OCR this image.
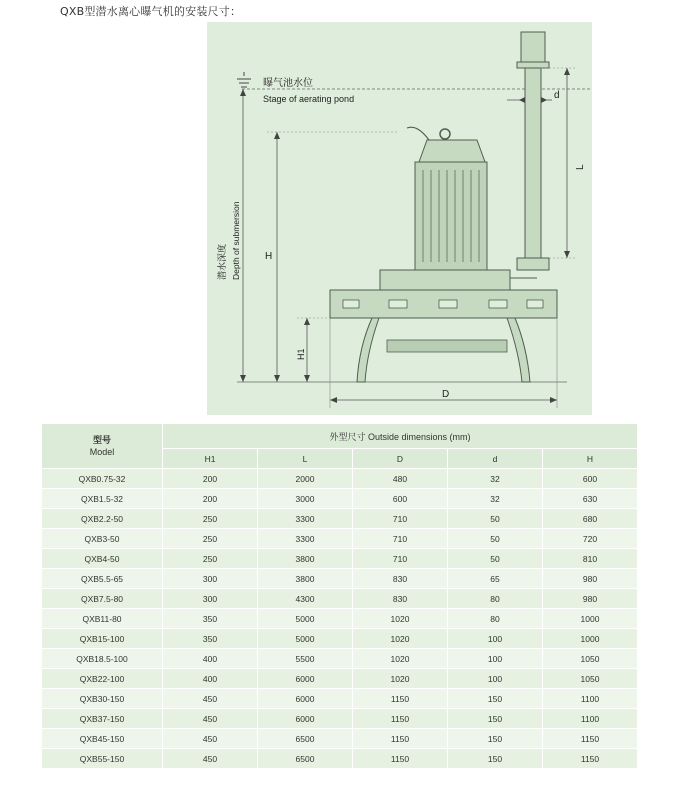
QXB型潜水离心曝气机的安装尺寸：
曝气池水位
Stage of aerating pond
潜水深度 Depth of submersion H
H1
d
L
D
型号
Model	外型尺寸 Outside dimensions (mm)				
	H1	L	D	d	H
QXB0.75-32	200	2000	480	32	600
QXB1.5-32	200	3000	600	32	630
QXB2.2-50	250	3300	710	50	680
QXB3-50	250	3300	710	50	720
QXB4-50	250	3800	710	50	810
QXB5.5-65	300	3800	830	65	980
QXB7.5-80	300	4300	830	80	980
QXB11-80	350	5000	1020	80	1000
QXB15-100	350	5000	1020	100	1000
QXB18.5-100	400	5500	1020	100	1050
QXB22-100	400	6000	1020	100	1050
QXB30-150	450	6000	1150	150	1100
QXB37-150	450	6000	1150	150	1100
QXB45-150	450	6500	1150	150	1150
QXB55-150	450	6500	1150	150	1150
